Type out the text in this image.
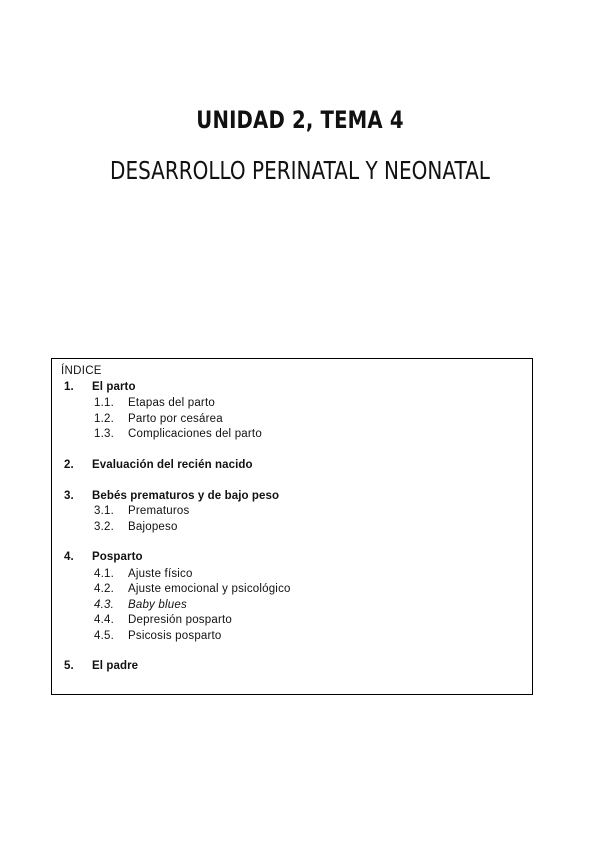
UNIDAD 2, TEMA 4
DESARROLLO PERINATAL Y NEONATAL
ÍNDICE
1.	El parto
1.1. Etapas del parto
1.2. Parto por cesárea
1.3. Complicaciones del parto
2.	Evaluación del recién nacido
3.	Bebés prematuros y de bajo peso
3.1. Prematuros
3.2. Bajopeso
4.	Posparto
4.1. Ajuste físico
4.2. Ajuste emocional y psicológico
4.3. Baby blues
4.4. Depresión posparto
4.5. Psicosis posparto
5.	El padre
